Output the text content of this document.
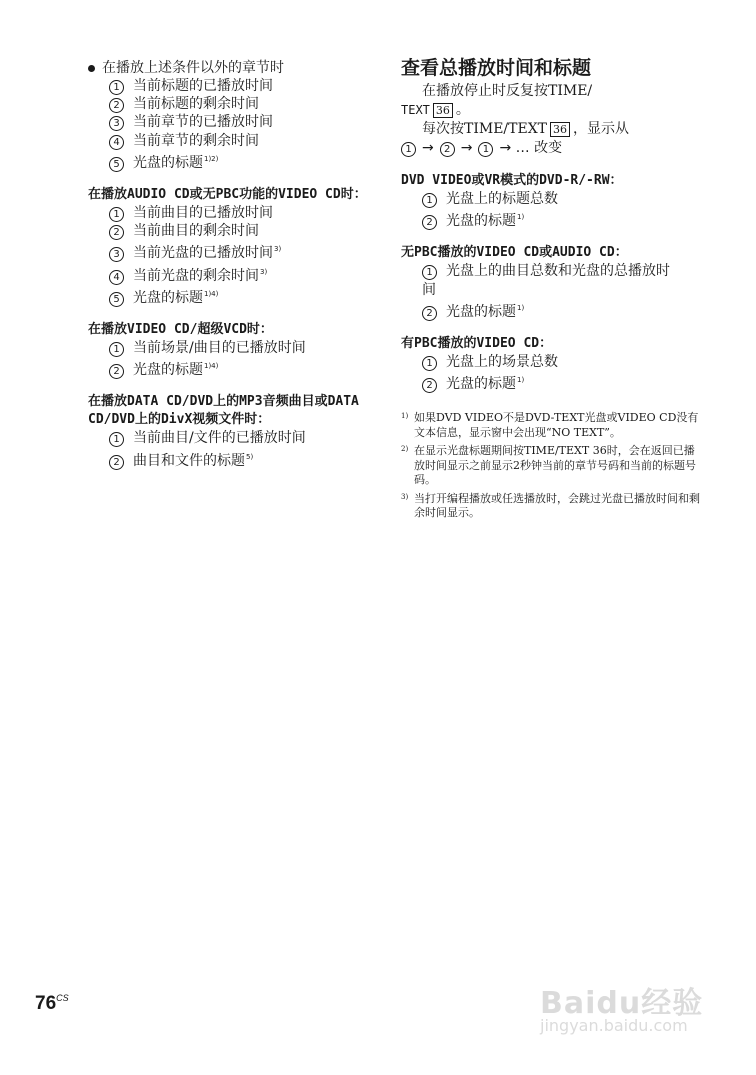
在播放上述条件以外的章节时
1 当前标题的已播放时间
2 当前标题的剩余时间
3 当前章节的已播放时间
4 当前章节的剩余时间
5 光盘的标题$^{1)2)}$
在播放AUDIO CD或无PBC功能的VIDEO CD时：
1 当前曲目的已播放时间
2 当前曲目的剩余时间
3 当前光盘的已播放时间$^{3)}$
4 当前光盘的剩余时间$^{3)}$
5 光盘的标题$^{1)4)}$
在播放VIDEO CD/超级VCD时：
1 当前场景/曲目的已播放时间
2 光盘的标题$^{1)4)}$
在播放DATA CD/DVD上的MP3音频曲目或DATA CD/DVD上的DivX视频文件时：
1 当前曲目/文件的已播放时间
2 曲目和文件的标题$^{5)}$
查看总播放时间和标题
在播放停止时反复按TIME/
TEXT 36 。
每次按TIME/TEXT 36 ，显示从
1 → 2 → 1 → … 改变
DVD VIDEO或VR模式的DVD-R/-RW：
1 光盘上的标题总数
2 光盘的标题$^{1)}$
无PBC播放的VIDEO CD或AUDIO CD：
1 光盘上的曲目总数和光盘的总播放时间
2 光盘的标题$^{1)}$
有PBC播放的VIDEO CD：
1 光盘上的场景总数
2 光盘的标题$^{1)}$
1) 如果DVD VIDEO不是DVD-TEXT光盘或VIDEO CD没有文本信息，显示窗中会出现“NO TEXT”。
2) 在显示光盘标题期间按TIME/TEXT 36时，会在返回已播放时间显示之前显示2秒钟当前的章节号码和当前的标题号码。
3) 当打开编程播放或任选播放时，会跳过光盘已播放时间和剩余时间显示。
$76^{CS}$	Baidu经验
jingyan.baidu.com
